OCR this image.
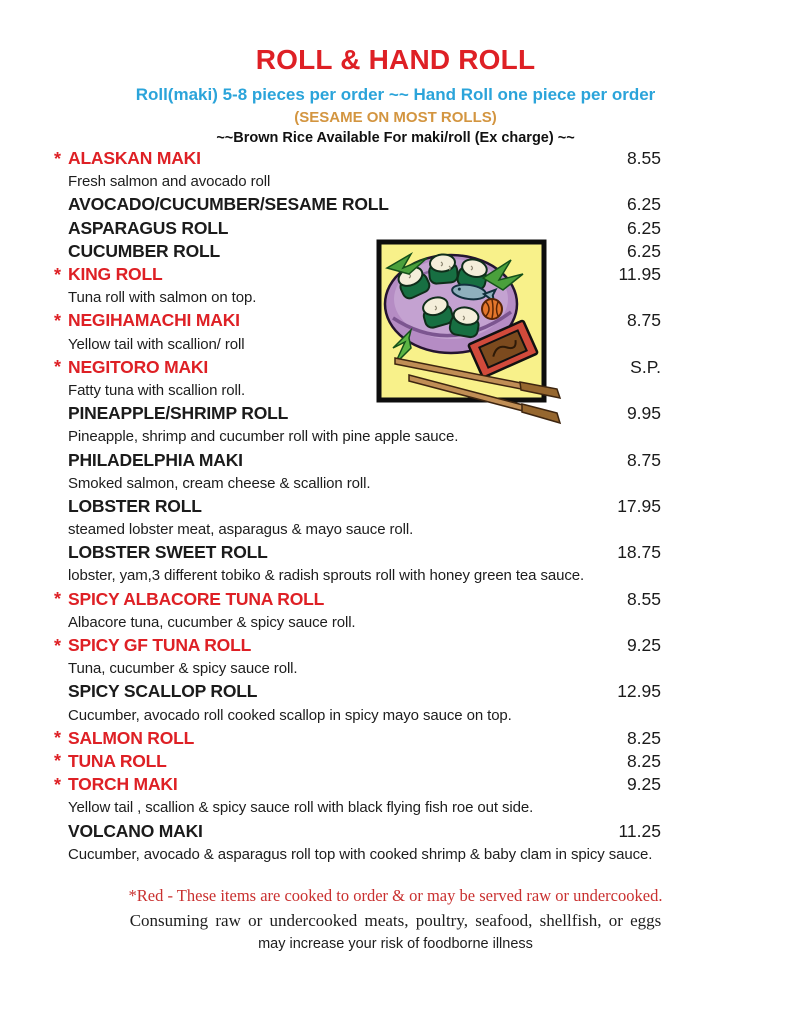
ROLL & HAND ROLL
Roll(maki) 5-8 pieces per order ~~ Hand Roll one piece per order
(SESAME ON MOST ROLLS)
~~Brown Rice Available For maki/roll (Ex charge) ~~
* ALASKAN MAKI	8.55
Fresh salmon and avocado roll
AVOCADO/CUCUMBER/SESAME ROLL	6.25
ASPARAGUS ROLL	6.25
CUCUMBER ROLL	6.25
* KING ROLL	11.95
Tuna roll with salmon on top.
* NEGIHAMACHI MAKI	8.75
Yellow tail with scallion/ roll
* NEGITORO MAKI	S.P.
Fatty tuna with scallion roll.
PINEAPPLE/SHRIMP ROLL	9.95
Pineapple, shrimp and cucumber roll with pine apple sauce.
PHILADELPHIA MAKI	8.75
Smoked salmon, cream cheese & scallion roll.
LOBSTER ROLL	17.95
steamed lobster meat, asparagus & mayo sauce roll.
LOBSTER SWEET ROLL	18.75
lobster, yam,3 different tobiko & radish sprouts roll with honey green tea sauce.
* SPICY ALBACORE TUNA ROLL	8.55
Albacore tuna, cucumber & spicy sauce roll.
* SPICY GF TUNA ROLL	9.25
Tuna, cucumber & spicy sauce roll.
SPICY SCALLOP ROLL	12.95
Cucumber, avocado roll cooked scallop in spicy mayo sauce on top.
* SALMON ROLL	8.25
* TUNA ROLL	8.25
* TORCH MAKI	9.25
Yellow tail , scallion & spicy sauce roll with black flying fish roe out side.
VOLCANO MAKI	11.25
Cucumber, avocado & asparagus roll top with cooked shrimp & baby clam in spicy sauce.
*Red - These items are cooked to order & or may be served raw or undercooked.
Consuming raw or undercooked meats, poultry, seafood, shellfish, or eggs
may increase your risk of foodborne illness
